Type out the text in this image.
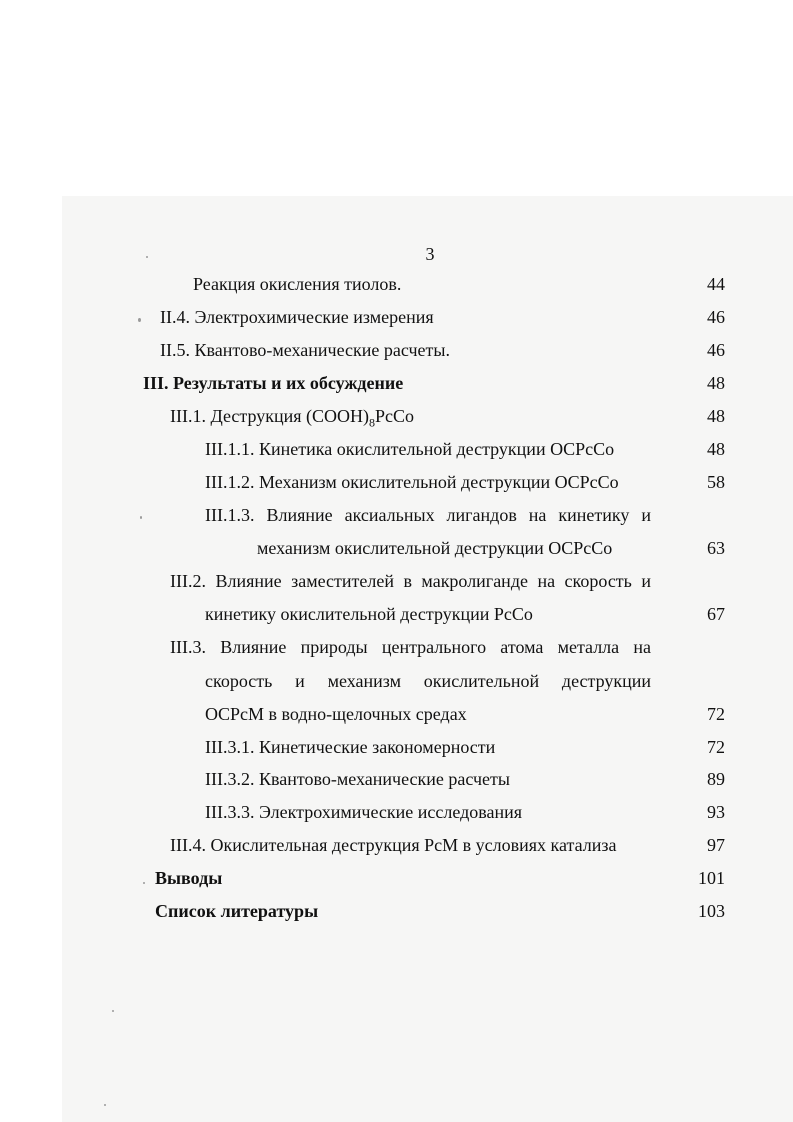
3
Реакция окисления тиолов.	44
II.4. Электрохимические измерения	46
II.5. Квантово-механические расчеты.	46
III. Результаты и их обсуждение	48
III.1. Деструкция $(COOH)_8PcCo$	48
III.1.1. Кинетика окислительной деструкции OCPcCo	48
III.1.2. Механизм окислительной деструкции OCPcCo	58
III.1.3. Влияние аксиальных лигандов на кинетику и
механизм окислительной деструкции OCPcCo	63
III.2. Влияние заместителей в макролиганде на скорость и
кинетику окислительной деструкции PcCo	67
III.3. Влияние природы центрального атома металла на
скорость и механизм окислительной деструкции
OCPcM в водно-щелочных средах	72
III.3.1. Кинетические закономерности	72
III.3.2. Квантово-механические расчеты	89
III.3.3. Электрохимические исследования	93
III.4. Окислительная деструкция PcM в условиях катализа	97
Выводы	101
Список литературы	103
